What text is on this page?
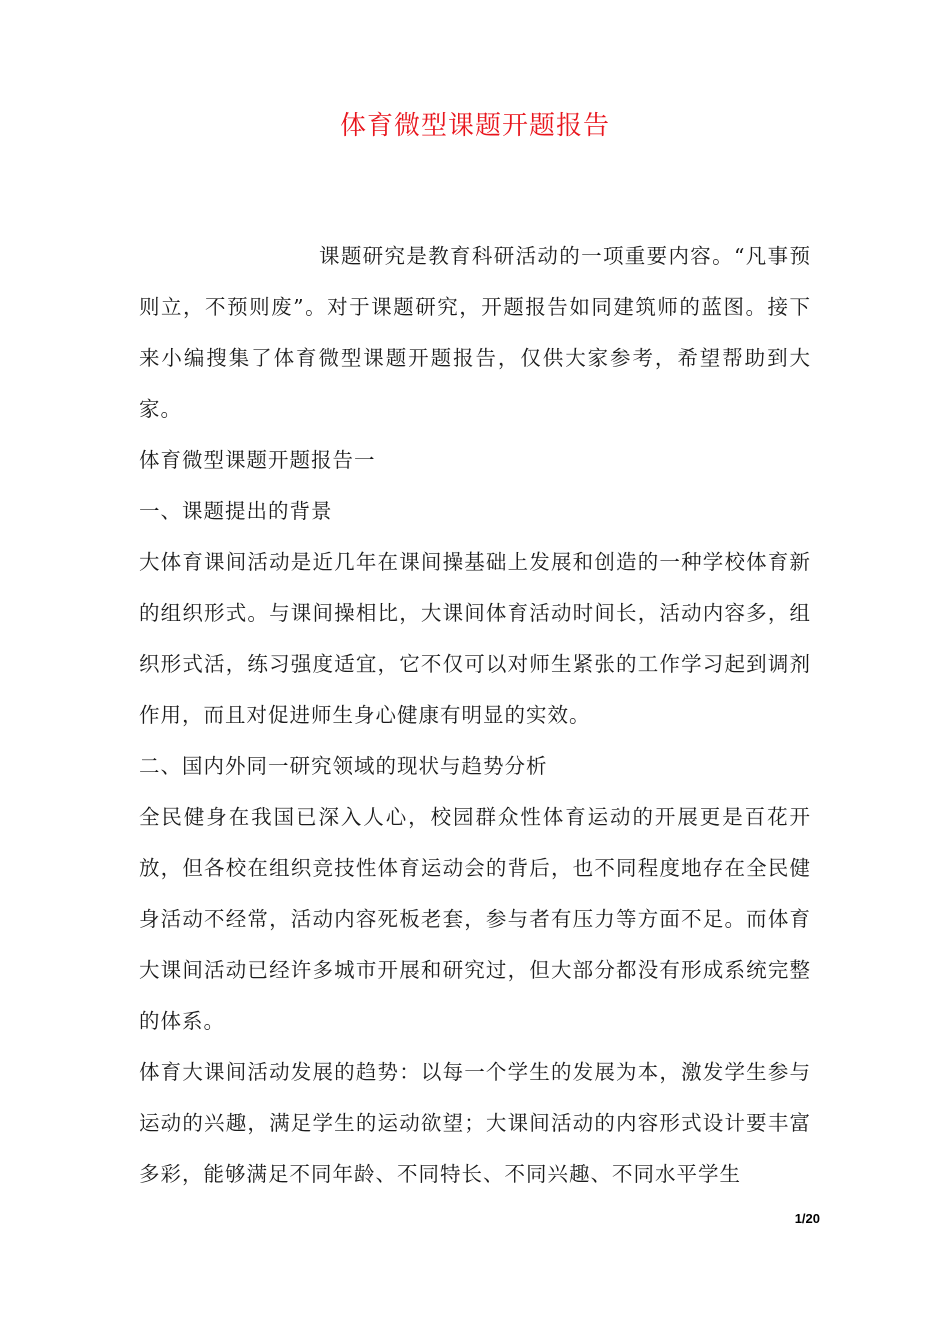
体育微型课题开题报告

课题研究是教育科研活动的一项重要内容。“凡事预则立，不预则废”。对于课题研究，开题报告如同建筑师的蓝图。接下来小编搜集了体育微型课题开题报告，仅供大家参考，希望帮助到大家。

体育微型课题开题报告一

一、课题提出的背景

大体育课间活动是近几年在课间操基础上发展和创造的一种学校体育新的组织形式。与课间操相比，大课间体育活动时间长，活动内容多，组织形式活，练习强度适宜，它不仅可以对师生紧张的工作学习起到调剂作用，而且对促进师生身心健康有明显的实效。

二、国内外同一研究领域的现状与趋势分析

全民健身在我国已深入人心，校园群众性体育运动的开展更是百花开放，但各校在组织竞技性体育运动会的背后，也不同程度地存在全民健身活动不经常，活动内容死板老套，参与者有压力等方面不足。而体育大课间活动已经许多城市开展和研究过，但大部分都没有形成系统完整的体系。

体育大课间活动发展的趋势：以每一个学生的发展为本，激发学生参与运动的兴趣，满足学生的运动欲望；大课间活动的内容形式设计要丰富多彩，能够满足不同年龄、不同特长、不同兴趣、不同水平学生

1/20
